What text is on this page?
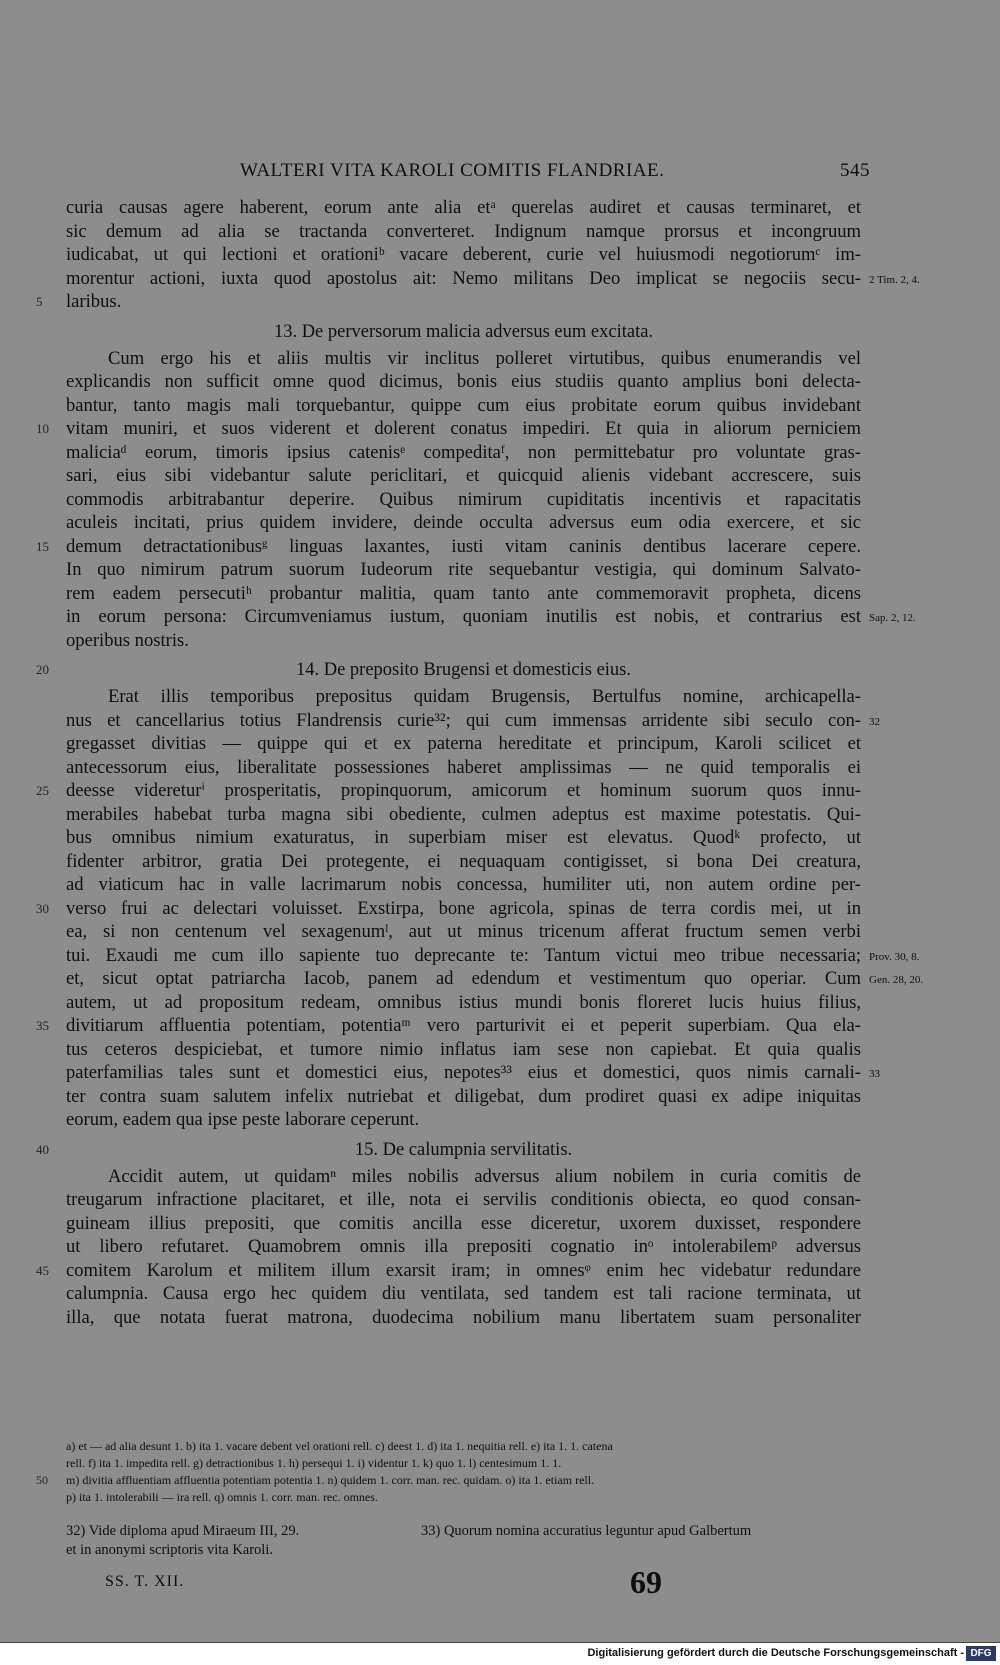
WALTERI VITA KAROLI COMITIS FLANDRIAE.	545
curia causas agere haberent, eorum ante alia etᵃ querelas audiret et causas terminaret, et
sic demum ad alia se tractanda converteret. Indignum namque prorsus et incongruum
iudicabat, ut qui lectioni et orationiᵇ vacare deberent, curie vel huiusmodi negotiorumᶜ im-
morentur actioni, iuxta quod apostolus ait: Nemo militans Deo implicat se negociis secu- 2 Tim. 2, 4.
laribus.
5
13. De perversorum malicia adversus eum excitata.
Cum ergo his et aliis multis vir inclitus polleret virtutibus, quibus enumerandis vel
explicandis non sufficit omne quod dicimus, bonis eius studiis quanto amplius boni delecta-
bantur, tanto magis mali torquebantur, quippe cum eius probitate eorum quibus invidebant
vitam muniri, et suos viderent et dolerent conatus impediri. Et quia in aliorum perniciem
10
maliciaᵈ eorum, timoris ipsius catenisᵉ compeditaᶠ, non permittebatur pro voluntate gras-
sari, eius sibi videbantur salute periclitari, et quicquid alienis videbant accrescere, suis
commodis arbitrabantur deperire. Quibus nimirum cupiditatis incentivis et rapacitatis
aculeis incitati, prius quidem invidere, deinde occulta adversus eum odia exercere, et sic
demum detractationibusᵍ linguas laxantes, iusti vitam caninis dentibus lacerare cepere.
15
In quo nimirum patrum suorum Iudeorum rite sequebantur vestigia, qui dominum Salvato-
rem eadem persecutiʰ probantur malitia, quam tanto ante commemoravit propheta, dicens
in eorum persona: Circumveniamus iustum, quoniam inutilis est nobis, et contrarius est Sap. 2, 12.
operibus nostris.
14. De preposito Brugensi et domesticis eius.
20
Erat illis temporibus prepositus quidam Brugensis, Bertulfus nomine, archicapella-
nus et cancellarius totius Flandrensis curie³²; qui cum immensas arridente sibi seculo con- 32
gregasset divitias — quippe qui et ex paterna hereditate et principum, Karoli scilicet et
antecessorum eius, liberalitate possessiones haberet amplissimas — ne quid temporalis ei
deesse videreturⁱ prosperitatis, propinquorum, amicorum et hominum suorum quos innu-
25
merabiles habebat turba magna sibi obediente, culmen adeptus est maxime potestatis. Qui-
bus omnibus nimium exaturatus, in superbiam miser est elevatus. Quodᵏ profecto, ut
fidenter arbitror, gratia Dei protegente, ei nequaquam contigisset, si bona Dei creatura,
ad viaticum hac in valle lacrimarum nobis concessa, humiliter uti, non autem ordine per-
verso frui ac delectari voluisset. Exstirpa, bone agricola, spinas de terra cordis mei, ut in
30
ea, si non centenum vel sexagenumˡ, aut ut minus tricenum afferat fructum semen verbi
tui. Exaudi me cum illo sapiente tuo deprecante te: Tantum victui meo tribue necessaria; Prov. 30, 8.
et, sicut optat patriarcha Iacob, panem ad edendum et vestimentum quo operiar. Cum Gen. 28, 20.
autem, ut ad propositum redeam, omnibus istius mundi bonis floreret lucis huius filius,
divitiarum affluentia potentiam, potentiaᵐ vero parturivit ei et peperit superbiam. Qua ela-
35
tus ceteros despiciebat, et tumore nimio inflatus iam sese non capiebat. Et quia qualis
paterfamilias tales sunt et domestici eius, nepotes³³ eius et domestici, quos nimis carnali- 33
ter contra suam salutem infelix nutriebat et diligebat, dum prodiret quasi ex adipe iniquitas
eorum, eadem qua ipse peste laborare ceperunt.
15. De calumpnia servilitatis.
40
Accidit autem, ut quidamⁿ miles nobilis adversus alium nobilem in curia comitis de
treugarum infractione placitaret, et ille, nota ei servilis conditionis obiecta, eo quod consan-
guineam illius prepositi, que comitis ancilla esse diceretur, uxorem duxisset, respondere
ut libero refutaret. Quamobrem omnis illa prepositi cognatio inᵒ intolerabilemᵖ adversus
comitem Karolum et militem illum exarsit iram; in omnesᵠ enim hec videbatur redundare
45
calumpnia. Causa ergo hec quidem diu ventilata, sed tandem est tali racione terminata, ut
illa, que notata fuerat matrona, duodecima nobilium manu libertatem suam personaliter
a) et — ad alia desunt 1. b) ita 1. vacare debent vel orationi rell. c) deest 1. d) ita 1. nequitia rell. e) ita 1. 1. catena
rell. f) ita 1. impedita rell. g) detractionibus 1. h) persequi 1. i) videntur 1. k) quo 1. l) centesimum 1. 1.
m) divitia affluentiam affluentia potentiam potentia 1. n) quidem 1. corr. man. rec. quidam. o) ita 1. etiam rell.
50
p) ita 1. intolerabili — ira rell. q) omnis 1. corr. man. rec. omnes.
32) Vide diploma apud Miraeum III, 29.
et in anonymi scriptoris vita Karoli.
33) Quorum nomina accuratius leguntur apud Galbertum
SS. T. XII.	69
Digitalisierung gefördert durch die Deutsche Forschungsgemeinschaft - DFG
